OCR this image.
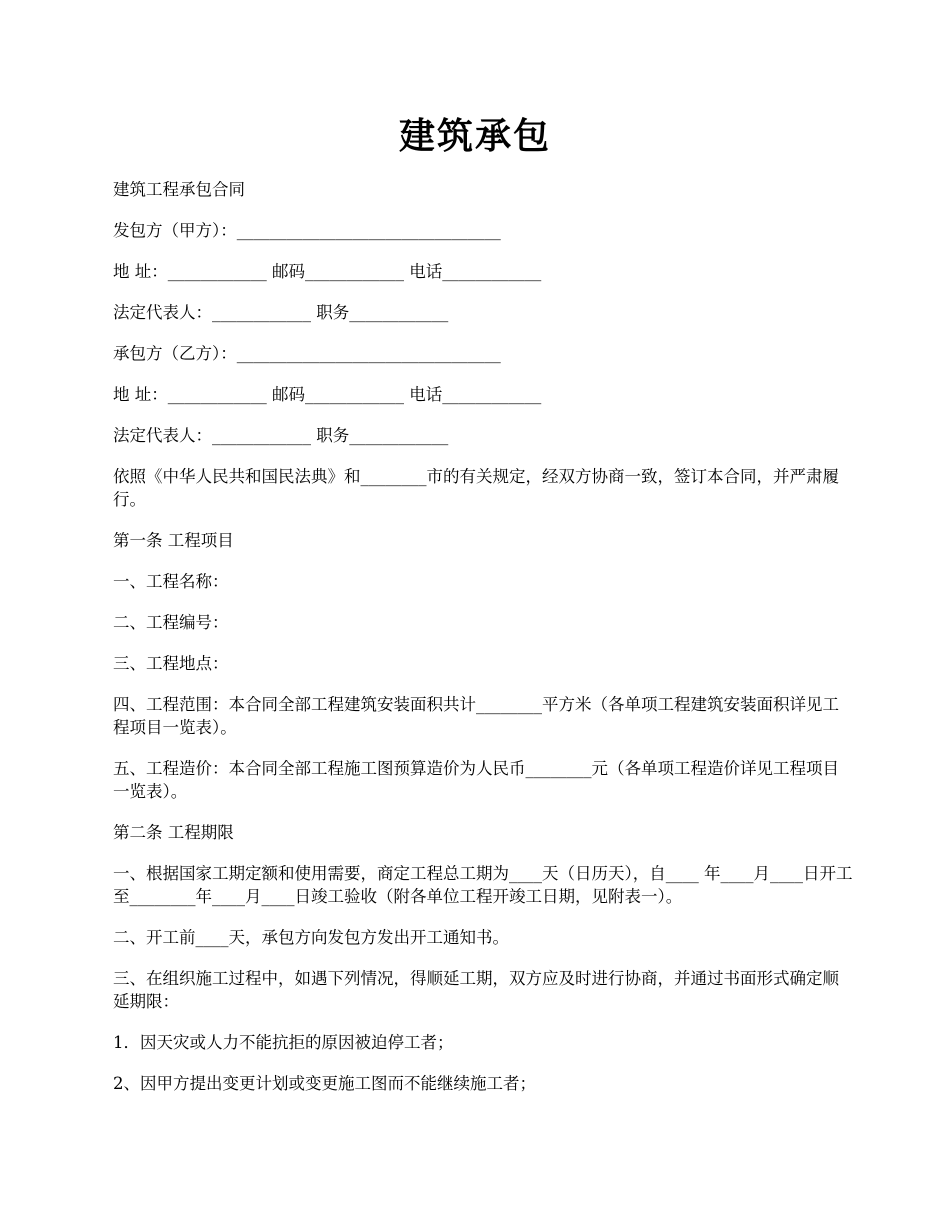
建筑承包

建筑工程承包合同

发包方（甲方）：________________________________

地 址：____________ 邮码____________ 电话____________

法定代表人：____________ 职务____________

承包方（乙方）：________________________________

地 址：____________ 邮码____________ 电话____________

法定代表人：____________ 职务____________

依照《中华人民共和国民法典》和________市的有关规定，经双方协商一致，签订本合同，并严肃履行。

第一条 工程项目

一、工程名称：

二、工程编号：

三、工程地点：

四、工程范围：本合同全部工程建筑安装面积共计________平方米（各单项工程建筑安装面积详见工程项目一览表）。

五、工程造价：本合同全部工程施工图预算造价为人民币________元（各单项工程造价详见工程项目一览表）。

第二条 工程期限

一、根据国家工期定额和使用需要，商定工程总工期为____天（日历天），自____ 年____月____日开工至________年____月____日竣工验收（附各单位工程开竣工日期，见附表一）。

二、开工前____天，承包方向发包方发出开工通知书。

三、在组织施工过程中，如遇下列情况，得顺延工期，双方应及时进行协商，并通过书面形式确定顺延期限：

1．因天灾或人力不能抗拒的原因被迫停工者；

2、因甲方提出变更计划或变更施工图而不能继续施工者；
